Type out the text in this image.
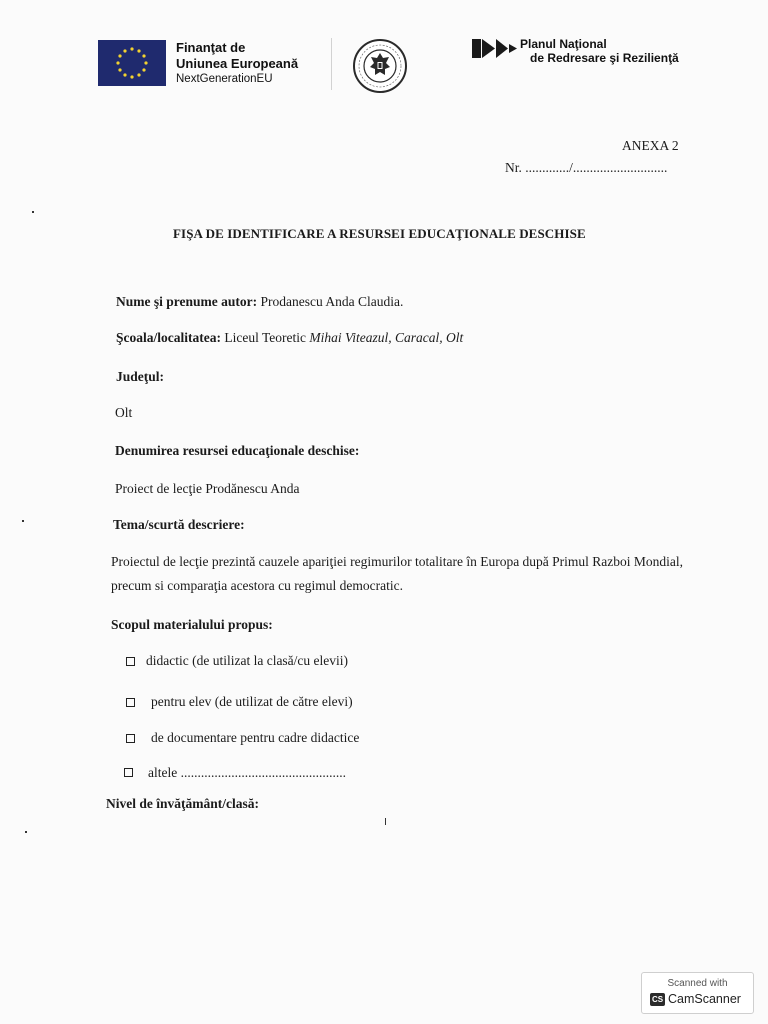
Finanţat de
Uniunea Europeană
NextGenerationEU
Planul Naţional
de Redresare şi Rezilienţă
ANEXA 2
Nr. ............./............................
FIŞA DE IDENTIFICARE A RESURSEI EDUCAŢIONALE DESCHISE
Nume şi prenume autor: Prodanescu Anda Claudia.
Şcoala/localitatea: Liceul Teoretic Mihai Viteazul, Caracal, Olt
Judeţul:
Olt
Denumirea resursei educaţionale deschise:
Proiect de lecţie Prodănescu Anda
Tema/scurtă descriere:
Proiectul de lecţie prezintă cauzele apariţiei regimurilor totalitare în Europa după Primul Razboi Mondial, precum si comparaţia acestora cu regimul democratic.
Scopul materialului propus:
didactic (de utilizat la clasă/cu elevii)
pentru elev (de utilizat de către elevi)
de documentare pentru cadre didactice
altele .................................................
Nivel de învăţământ/clasă:
Scanned with
CS CamScanner
